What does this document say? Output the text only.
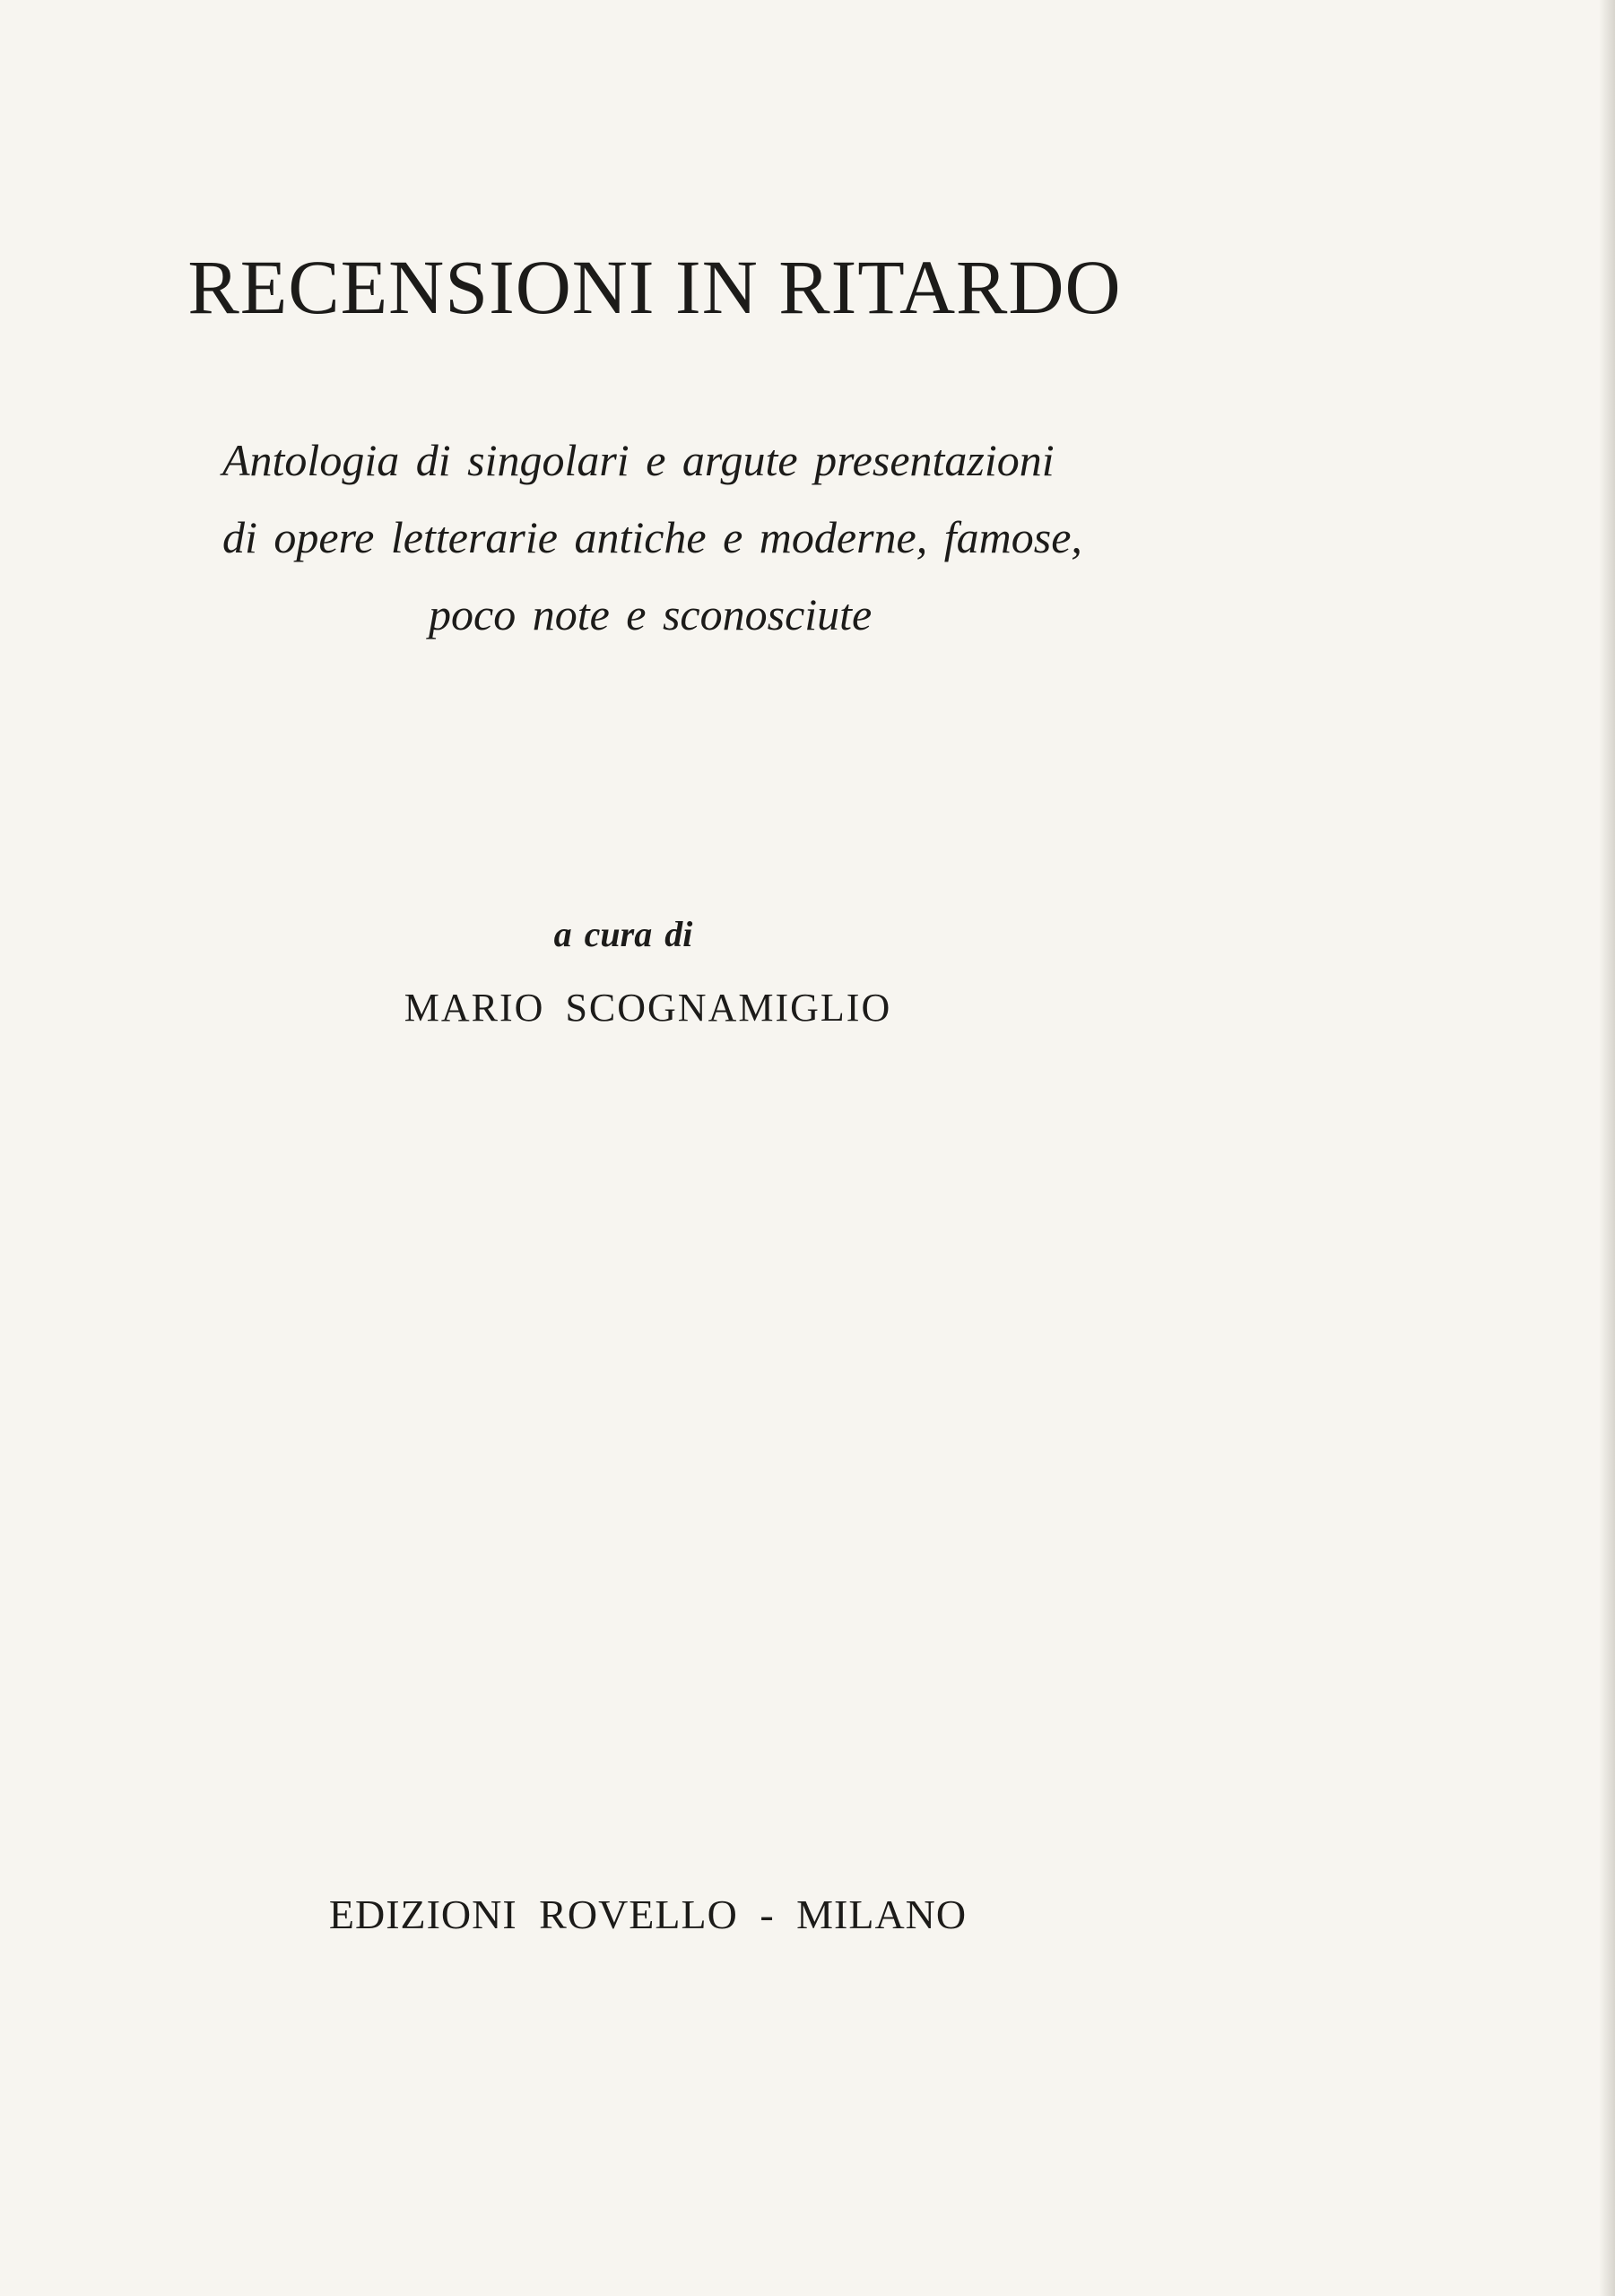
RECENSIONI IN RITARDO
Antologia di singolari e argute presentazioni
di opere letterarie antiche e moderne, famose,
poco note e sconosciute
a cura di
MARIO SCOGNAMIGLIO
EDIZIONI ROVELLO - MILANO
